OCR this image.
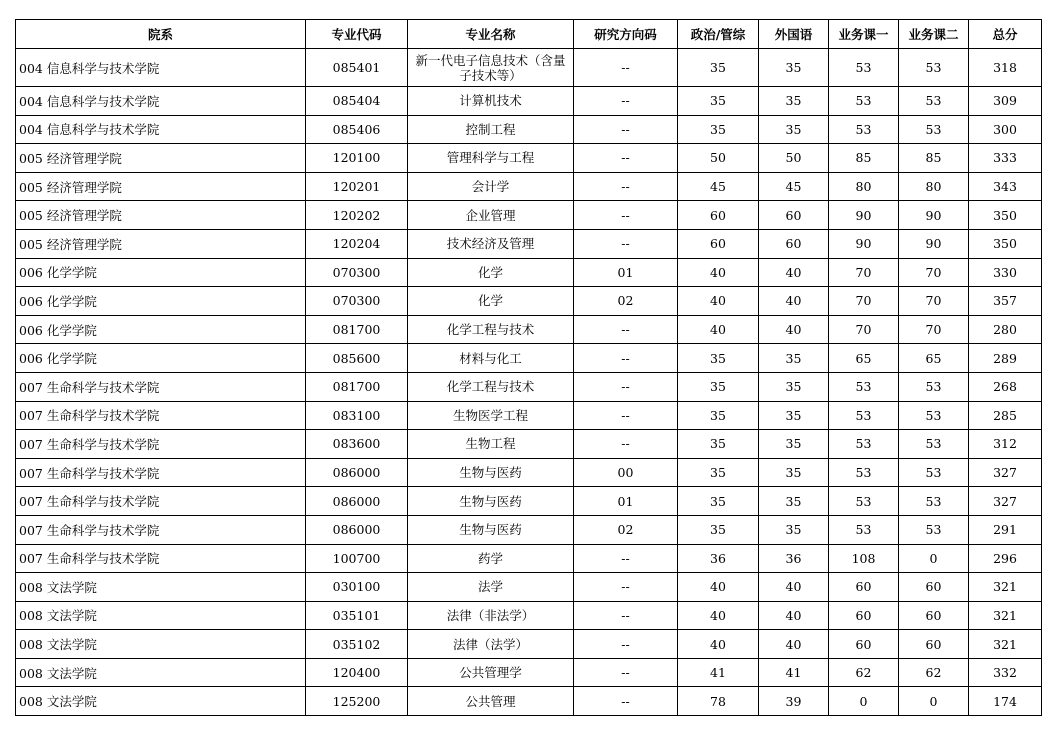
院系	专业代码	专业名称	研究方向码	政治/管综	外国语	业务课一	业务课二	总分
004 信息科学与技术学院	085401	新一代电子信息技术（含量子技术等）	--	35	35	53	53	318
004 信息科学与技术学院	085404	计算机技术	--	35	35	53	53	309
004 信息科学与技术学院	085406	控制工程	--	35	35	53	53	300
005 经济管理学院	120100	管理科学与工程	--	50	50	85	85	333
005 经济管理学院	120201	会计学	--	45	45	80	80	343
005 经济管理学院	120202	企业管理	--	60	60	90	90	350
005 经济管理学院	120204	技术经济及管理	--	60	60	90	90	350
006 化学学院	070300	化学	01	40	40	70	70	330
006 化学学院	070300	化学	02	40	40	70	70	357
006 化学学院	081700	化学工程与技术	--	40	40	70	70	280
006 化学学院	085600	材料与化工	--	35	35	65	65	289
007 生命科学与技术学院	081700	化学工程与技术	--	35	35	53	53	268
007 生命科学与技术学院	083100	生物医学工程	--	35	35	53	53	285
007 生命科学与技术学院	083600	生物工程	--	35	35	53	53	312
007 生命科学与技术学院	086000	生物与医药	00	35	35	53	53	327
007 生命科学与技术学院	086000	生物与医药	01	35	35	53	53	327
007 生命科学与技术学院	086000	生物与医药	02	35	35	53	53	291
007 生命科学与技术学院	100700	药学	--	36	36	108	0	296
008 文法学院	030100	法学	--	40	40	60	60	321
008 文法学院	035101	法律（非法学）	--	40	40	60	60	321
008 文法学院	035102	法律（法学）	--	40	40	60	60	321
008 文法学院	120400	公共管理学	--	41	41	62	62	332
008 文法学院	125200	公共管理	--	78	39	0	0	174
